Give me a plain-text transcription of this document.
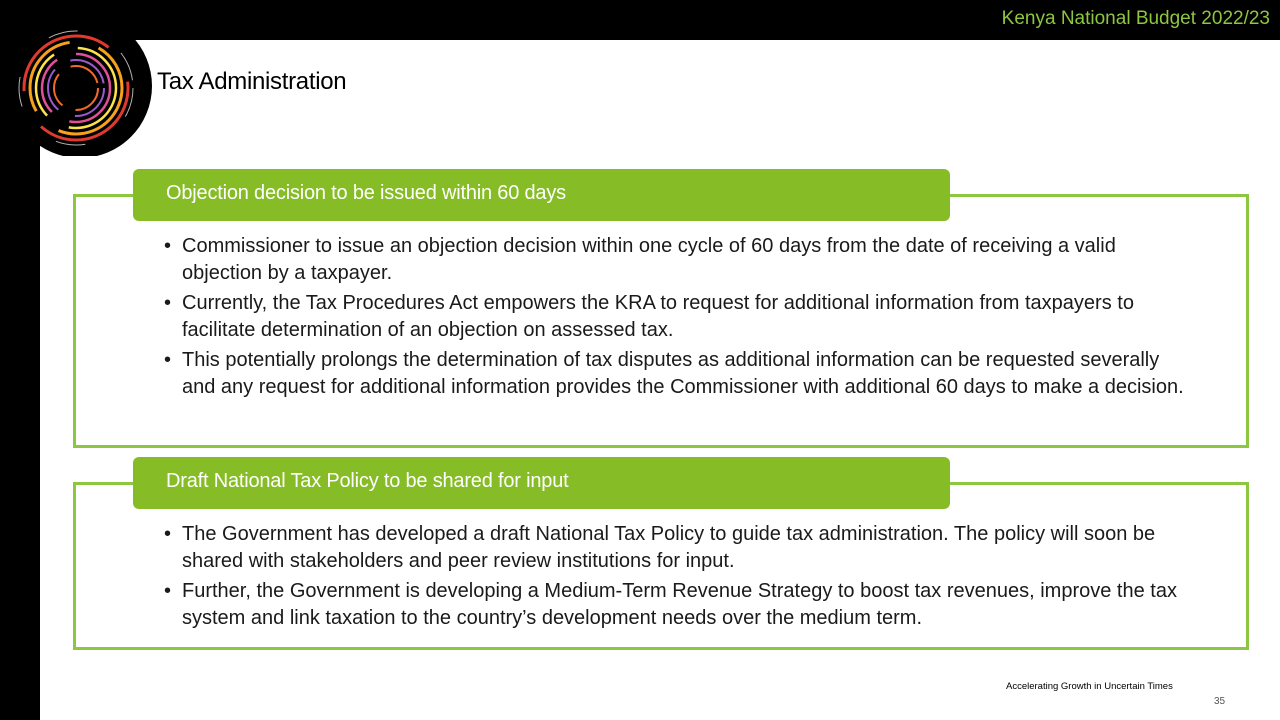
Kenya National Budget 2022/23
Tax Administration
Objection decision to be issued within 60 days
• Commissioner to issue an objection decision within one cycle of 60 days from the date of receiving a valid objection by a taxpayer.
• Currently, the Tax Procedures Act empowers the KRA to request for additional information from taxpayers to facilitate determination of an objection on assessed tax.
• This potentially prolongs the determination of tax disputes as additional information can be requested severally and any request for additional information provides the Commissioner with additional 60 days to make a decision.
Draft National Tax Policy to be shared for input
• The Government has developed a draft National Tax Policy to guide tax administration. The policy will soon be shared with stakeholders and peer review institutions for input.
• Further, the Government is developing a Medium-Term Revenue Strategy to boost tax revenues, improve the tax system and link taxation to the country’s development needs over the medium term.
Accelerating Growth in Uncertain Times
35
